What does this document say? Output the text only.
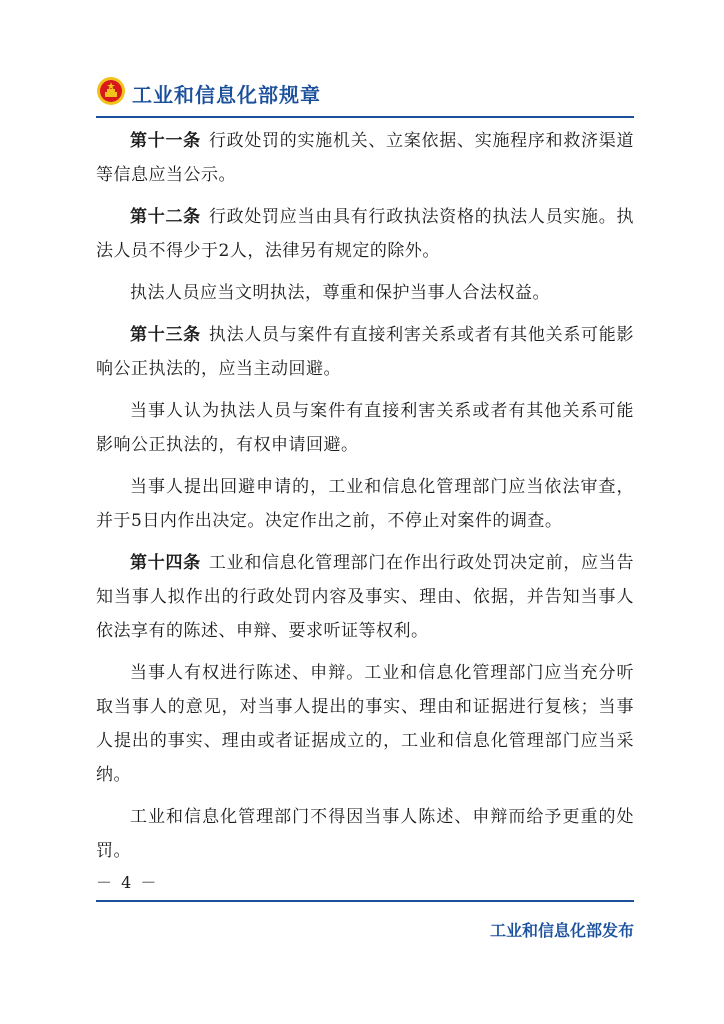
工业和信息化部规章

第十一条 行政处罚的实施机关、立案依据、实施程序和救济渠道等信息应当公示。

第十二条 行政处罚应当由具有行政执法资格的执法人员实施。执法人员不得少于2人，法律另有规定的除外。

执法人员应当文明执法，尊重和保护当事人合法权益。

第十三条 执法人员与案件有直接利害关系或者有其他关系可能影响公正执法的，应当主动回避。

当事人认为执法人员与案件有直接利害关系或者有其他关系可能影响公正执法的，有权申请回避。

当事人提出回避申请的，工业和信息化管理部门应当依法审查，并于5日内作出决定。决定作出之前，不停止对案件的调查。

第十四条 工业和信息化管理部门在作出行政处罚决定前，应当告知当事人拟作出的行政处罚内容及事实、理由、依据，并告知当事人依法享有的陈述、申辩、要求听证等权利。

当事人有权进行陈述、申辩。工业和信息化管理部门应当充分听取当事人的意见，对当事人提出的事实、理由和证据进行复核；当事人提出的事实、理由或者证据成立的，工业和信息化管理部门应当采纳。

工业和信息化管理部门不得因当事人陈述、申辩而给予更重的处罚。

－ 4 －
工业和信息化部发布
